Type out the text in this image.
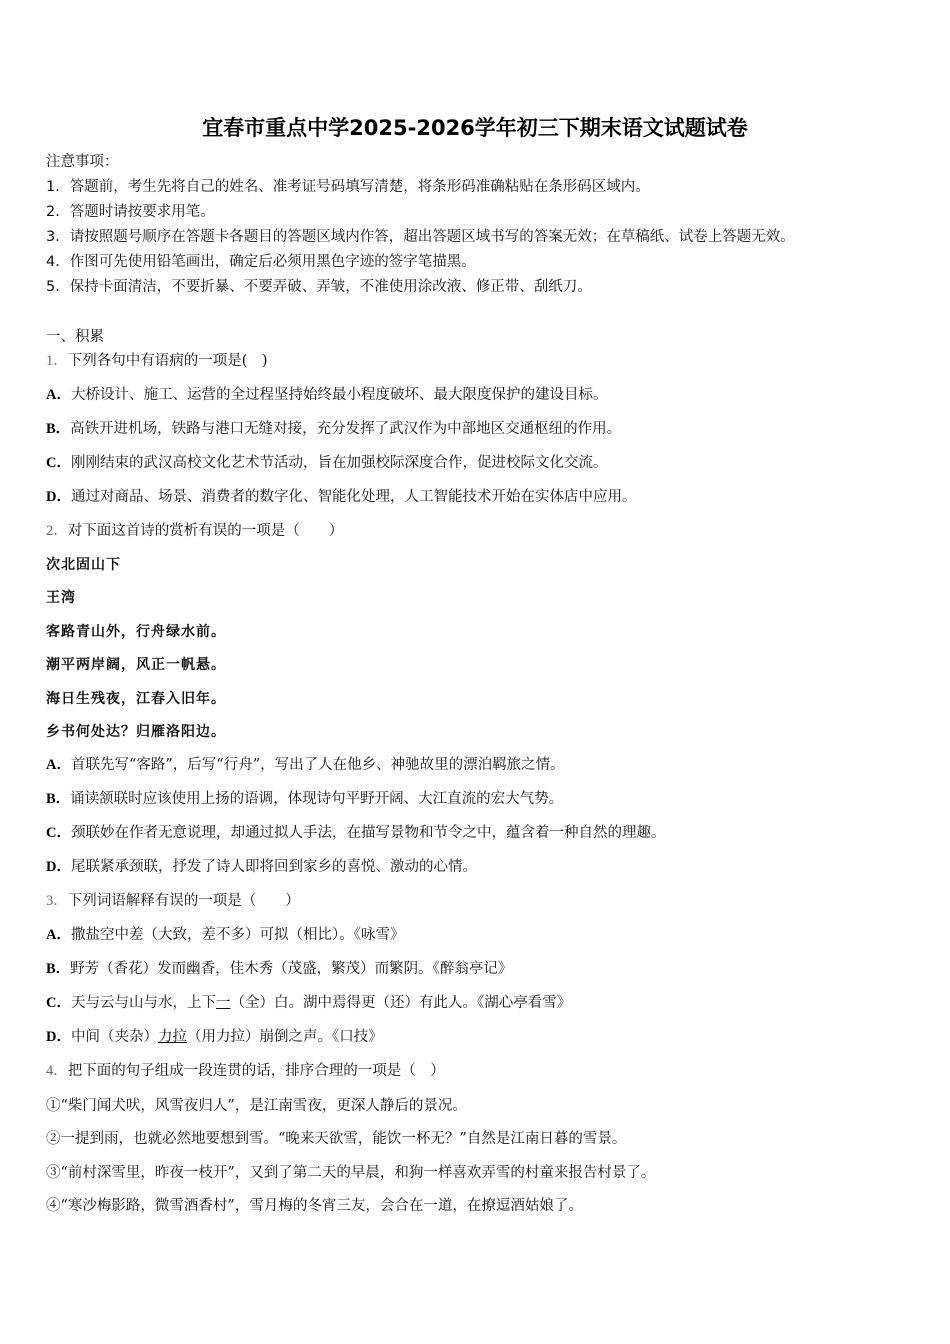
宜春市重点中学2025-2026学年初三下期末语文试题试卷
注意事项：
1．答题前，考生先将自己的姓名、准考证号码填写清楚，将条形码准确粘贴在条形码区域内。
2．答题时请按要求用笔。
3．请按照题号顺序在答题卡各题目的答题区域内作答，超出答题区域书写的答案无效；在草稿纸、试卷上答题无效。
4．作图可先使用铅笔画出，确定后必须用黑色字迹的签字笔描黑。
5．保持卡面清洁，不要折暴、不要弄破、弄皱，不准使用涂改液、修正带、刮纸刀。
一、积累
1．下列各句中有语病的一项是(　)
A．大桥设计、施工、运营的全过程坚持始终最小程度破坏、最大限度保护的建设目标。
B．高铁开进机场，铁路与港口无缝对接，充分发挥了武汉作为中部地区交通枢纽的作用。
C．刚刚结束的武汉高校文化艺术节活动，旨在加强校际深度合作，促进校际文化交流。
D．通过对商品、场景、消费者的数字化、智能化处理，人工智能技术开始在实体店中应用。
2．对下面这首诗的赏析有误的一项是（　　）
次北固山下
王湾
客路青山外，行舟绿水前。
潮平两岸阔，风正一帆悬。
海日生残夜，江春入旧年。
乡书何处达？归雁洛阳边。
A．首联先写“客路”，后写“行舟”，写出了人在他乡、神驰故里的漂泊羁旅之情。
B．诵读颔联时应该使用上扬的语调，体现诗句平野开阔、大江直流的宏大气势。
C．颈联妙在作者无意说理，却通过拟人手法，在描写景物和节令之中，蕴含着一种自然的理趣。
D．尾联紧承颈联，抒发了诗人即将回到家乡的喜悦、激动的心情。
3．下列词语解释有误的一项是（　　）
A．撒盐空中差（大致，差不多）可拟（相比）。《咏雪》
B．野芳（香花）发而幽香，佳木秀（茂盛，繁茂）而繁阴。《醉翁亭记》
C．天与云与山与水，上下一（全）白。湖中焉得更（还）有此人。《湖心亭看雪》
D．中间（夹杂）力拉（用力拉）崩倒之声。《口技》
4．把下面的句子组成一段连贯的话，排序合理的一项是（　）
①“柴门闻犬吠，风雪夜归人”，是江南雪夜，更深人静后的景况。
②一提到雨，也就必然地要想到雪。“晚来天欲雪，能饮一杯无？”自然是江南日暮的雪景。
③“前村深雪里，昨夜一枝开”，又到了第二天的早晨，和狗一样喜欢弄雪的村童来报告村景了。
④“寒沙梅影路，微雪酒香村”，雪月梅的冬宵三友，会合在一道，在撩逗酒姑娘了。
